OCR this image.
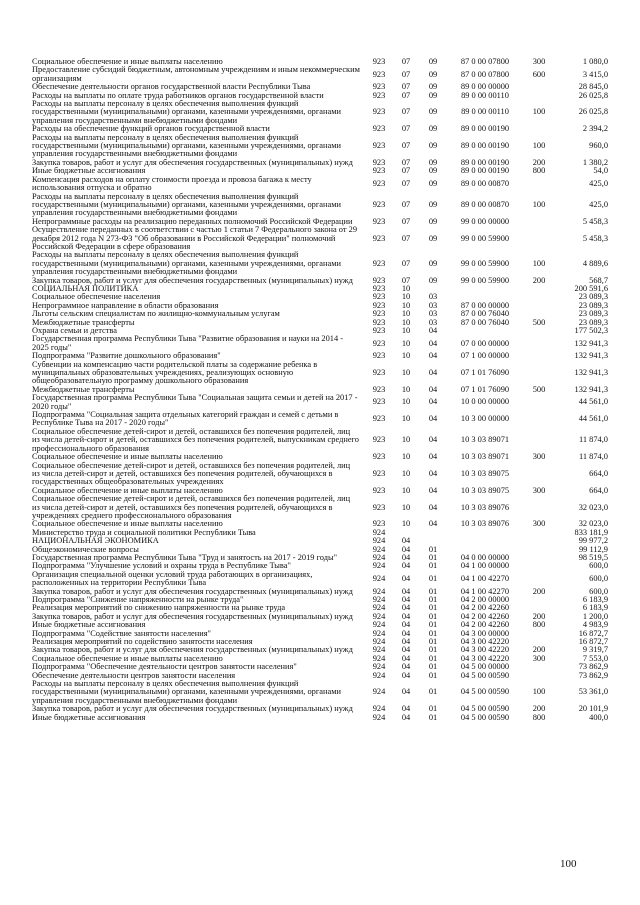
Социальное обеспечение и иные выплаты населению	923	07	09	87 0 00 07800	300	1 080,0
Предоставление субсидий бюджетным, автономным учреждениям и иным некоммерческим организациям	923	07	09	87 0 00 07800	600	3 415,0
Обеспечение деятельности органов государственной власти Республики Тыва	923	07	09	89 0 00 00000		28 845,0
Расходы на выплаты по оплате труда работников органов государственной власти	923	07	09	89 0 00 00110		26 025,8
Расходы на выплаты персоналу в целях обеспечения выполнения функций государственными (муниципальными) органами, казенными учреждениями, органами управления государственными внебюджетными фондами	923	07	09	89 0 00 00110	100	26 025,8
Расходы на обеспечение функций органов государственной власти	923	07	09	89 0 00 00190		2 394,2
Расходы на выплаты персоналу в целях обеспечения выполнения функций государственными (муниципальными) органами, казенными учреждениями, органами управления государственными внебюджетными фондами	923	07	09	89 0 00 00190	100	960,0
Закупка товаров, работ и услуг для обеспечения государственных (муниципальных) нужд	923	07	09	89 0 00 00190	200	1 380,2
Иные бюджетные ассигнования	923	07	09	89 0 00 00190	800	54,0
Компенсация расходов на оплату стоимости проезда и провоза багажа к месту использования отпуска и обратно	923	07	09	89 0 00 00870		425,0
Расходы на выплаты персоналу в целях обеспечения выполнения функций государственными (муниципальными) органами, казенными учреждениями, органами управления государственными внебюджетными фондами	923	07	09	89 0 00 00870	100	425,0
Непрограммные расходы на реализацию переданных полномочий Российской Федерации	923	07	09	99 0 00 00000		5 458,3
Осуществление переданных в соответствии с частью 1 статьи 7 Федерального закона от 29 декабря 2012 года N 273-ФЗ "Об образовании в Российской Федерации" полномочий Российской Федерации в сфере образования	923	07	09	99 0 00 59900		5 458,3
Расходы на выплаты персоналу в целях обеспечения выполнения функций государственными (муниципальными) органами, казенными учреждениями, органами управления государственными внебюджетными фондами	923	07	09	99 0 00 59900	100	4 889,6
Закупка товаров, работ и услуг для обеспечения государственных (муниципальных) нужд	923	07	09	99 0 00 59900	200	568,7
СОЦИАЛЬНАЯ ПОЛИТИКА	923	10				200 591,6
Социальное обеспечение населения	923	10	03			23 089,3
Непрограммное направление в области образования	923	10	03	87 0 00 00000		23 089,3
Льготы сельским специалистам по жилищно-коммунальным услугам	923	10	03	87 0 00 76040		23 089,3
Межбюджетные трансферты	923	10	03	87 0 00 76040	500	23 089,3
Охрана семьи и детства	923	10	04			177 502,3
Государственная программа Республики Тыва "Развитие образования и науки на 2014 - 2025 годы"	923	10	04	07 0 00 00000		132 941,3
Подпрограмма "Развитие дошкольного образования"	923	10	04	07 1 00 00000		132 941,3
Субвенции на компенсацию части родительской платы за содержание ребенка в муниципальных образовательных учреждениях, реализующих основную общеобразовательную программу дошкольного образования	923	10	04	07 1 01 76090		132 941,3
Межбюджетные трансферты	923	10	04	07 1 01 76090	500	132 941,3
Государственная программа Республики Тыва "Социальная защита семьи и детей на 2017 - 2020 годы"	923	10	04	10 0 00 00000		44 561,0
Подпрограмма "Социальная защита отдельных категорий граждан и семей с детьми в Республике Тыва на 2017 - 2020 годы"	923	10	04	10 3 00 00000		44 561,0
Социальное обеспечение детей-сирот и детей, оставшихся без попечения родителей, лиц из числа детей-сирот и детей, оставшихся без попечения родителей, выпускникам среднего профессионального образования	923	10	04	10 3 03 89071		11 874,0
Социальное обеспечение и иные выплаты населению	923	10	04	10 3 03 89071	300	11 874,0
Социальное обеспечение детей-сирот и детей, оставшихся без попечения родителей, лиц из числа детей-сирот и детей, оставшихся без попечения родителей, обучающихся в государственных общеобразовательных учреждениях	923	10	04	10 3 03 89075		664,0
Социальное обеспечение и иные выплаты населению	923	10	04	10 3 03 89075	300	664,0
Социальное обеспечение детей-сирот и детей, оставшихся без попечения родителей, лиц из числа детей-сирот и детей, оставшихся без попечения родителей, обучающихся в учреждениях среднего профессионального образования	923	10	04	10 3 03 89076		32 023,0
Социальное обеспечение и иные выплаты населению	923	10	04	10 3 03 89076	300	32 023,0
Министерство труда и социальной политики Республики Тыва	924					833 181,9
НАЦИОНАЛЬНАЯ ЭКОНОМИКА	924	04				99 977,2
Общеэкономические вопросы	924	04	01			99 112,9
Государственная программа Республики Тыва "Труд и занятость на 2017 - 2019 годы"	924	04	01	04 0 00 00000		98 519,5
Подпрограмма "Улучшение условий и охраны труда в Республике Тыва"	924	04	01	04 1 00 00000		600,0
Организация специальной оценки условий труда работающих в организациях, расположенных на территории Республики Тыва	924	04	01	04 1 00 42270		600,0
Закупка товаров, работ и услуг для обеспечения государственных (муниципальных) нужд	924	04	01	04 1 00 42270	200	600,0
Подпрограмма "Снижение напряженности на рынке труда"	924	04	01	04 2 00 00000		6 183,9
Реализация мероприятий по снижению напряженности на рынке труда	924	04	01	04 2 00 42260		6 183,9
Закупка товаров, работ и услуг для обеспечения государственных (муниципальных) нужд	924	04	01	04 2 00 42260	200	1 200,0
Иные бюджетные ассигнования	924	04	01	04 2 00 42260	800	4 983,9
Подпрограмма "Содействие занятости населения"	924	04	01	04 3 00 00000		16 872,7
Реализация мероприятий по содействию занятости населения	924	04	01	04 3 00 42220		16 872,7
Закупка товаров, работ и услуг для обеспечения государственных (муниципальных) нужд	924	04	01	04 3 00 42220	200	9 319,7
Социальное обеспечение и иные выплаты населению	924	04	01	04 3 00 42220	300	7 553,0
Подпрограмма "Обеспечение деятельности центров занятости населения"	924	04	01	04 5 00 00000		73 862,9
Обеспечение деятельности центров занятости населения	924	04	01	04 5 00 00590		73 862,9
Расходы на выплаты персоналу в целях обеспечения выполнения функций государственными (муниципальными) органами, казенными учреждениями, органами управления государственными внебюджетными фондами	924	04	01	04 5 00 00590	100	53 361,0
Закупка товаров, работ и услуг для обеспечения государственных (муниципальных) нужд	924	04	01	04 5 00 00590	200	20 101,9
Иные бюджетные ассигнования	924	04	01	04 5 00 00590	800	400,0
100
